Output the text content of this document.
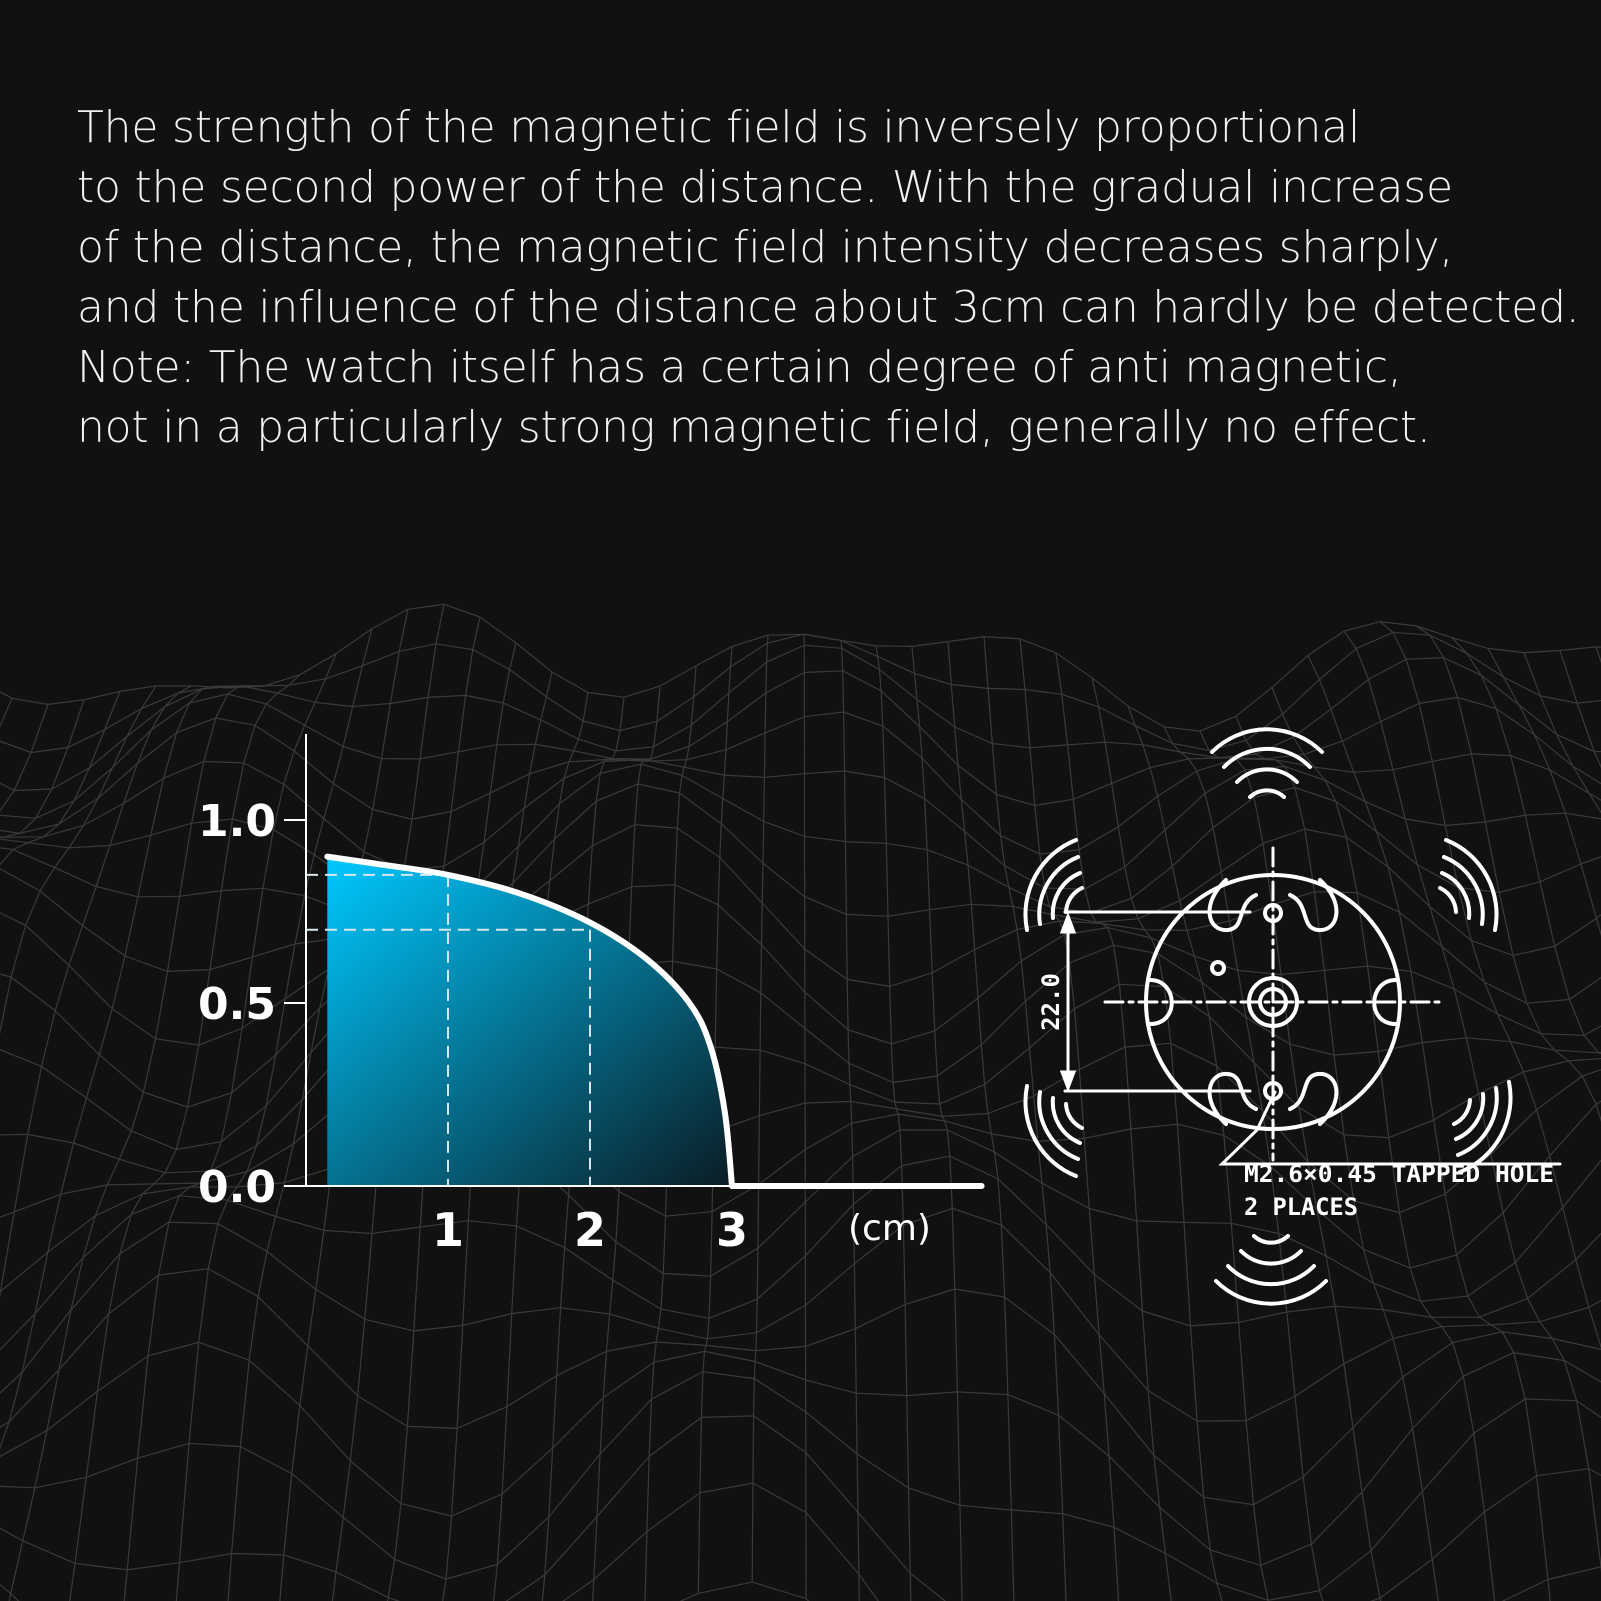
The strength of the magnetic field is inversely proportional
to the second power of the distance. With the gradual increase
of the distance, the magnetic field intensity decreases sharply,
and the influence of the distance about 3cm can hardly be detected.
Note: The watch itself has a certain degree of anti magnetic,
not in a particularly strong magnetic field, generally no effect.
0.0
0.5
1.0
1 2 3	(cm)
22.0
M2.6×0.45 TAPPED HOLE
2 PLACES
